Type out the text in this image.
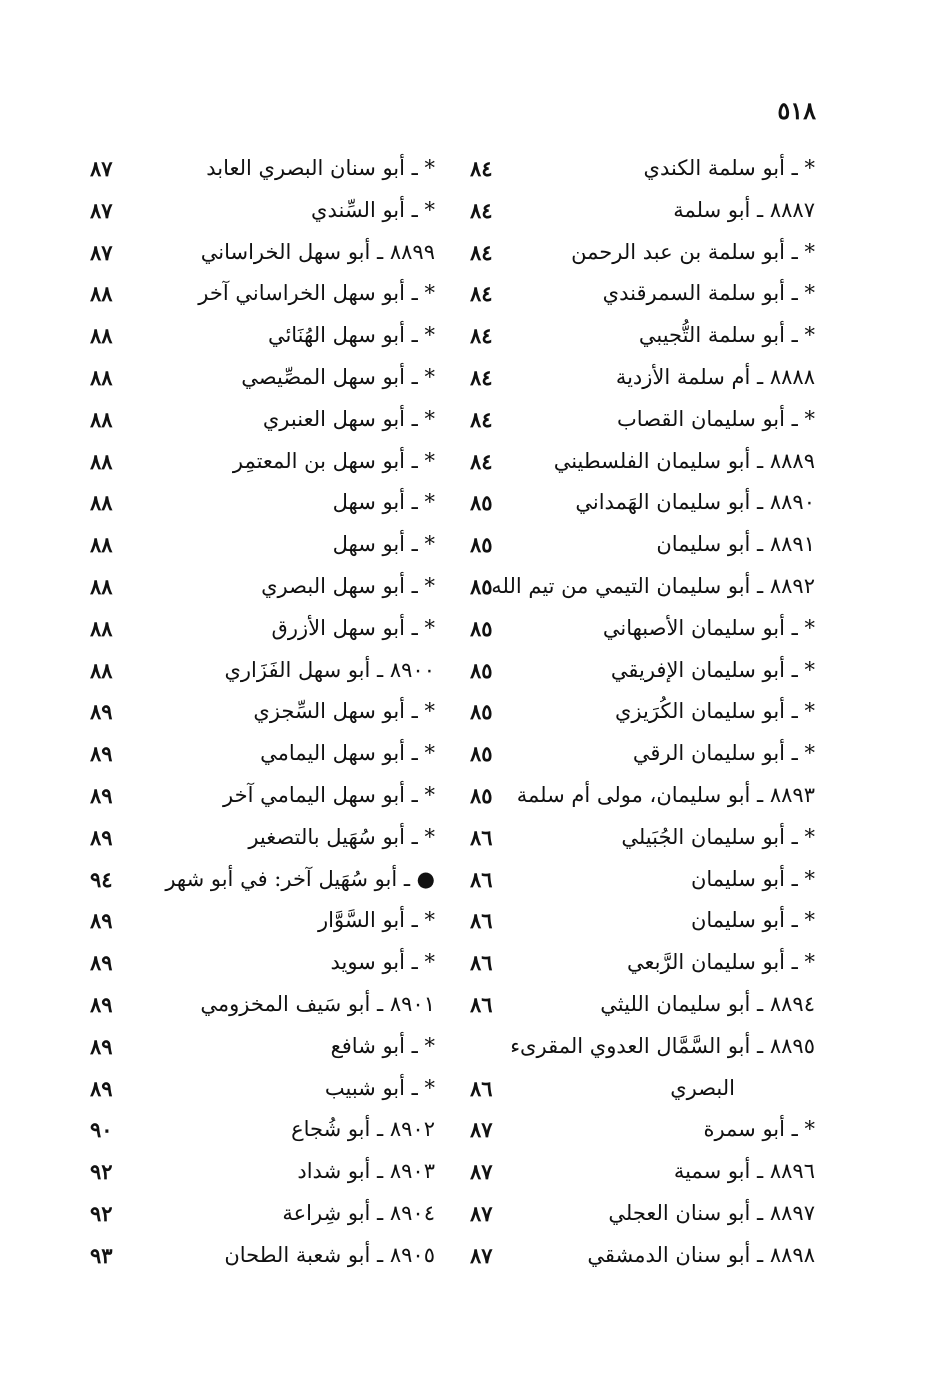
٥١٨
* ـ أبو سلمة الكندي
٨٤
٨٨٨٧ ـ أبو سلمة
٨٤
* ـ أبو سلمة بن عبد الرحمن
٨٤
* ـ أبو سلمة السمرقندي
٨٤
* ـ أبو سلمة التُّجيبي
٨٤
٨٨٨٨ ـ أم سلمة الأزدية
٨٤
* ـ أبو سليمان القصاب
٨٤
٨٨٨٩ ـ أبو سليمان الفلسطيني
٨٤
٨٨٩٠ ـ أبو سليمان الهَمداني
٨٥
٨٨٩١ ـ أبو سليمان
٨٥
٨٨٩٢ ـ أبو سليمان التيمي من تيم الله
٨٥
* ـ أبو سليمان الأصبهاني
٨٥
* ـ أبو سليمان الإفريقي
٨٥
* ـ أبو سليمان الكُرَيزي
٨٥
* ـ أبو سليمان الرقي
٨٥
٨٨٩٣ ـ أبو سليمان، مولى أم سلمة
٨٥
* ـ أبو سليمان الجُبَيلي
٨٦
* ـ أبو سليمان
٨٦
* ـ أبو سليمان
٨٦
* ـ أبو سليمان الرَّبعي
٨٦
٨٨٩٤ ـ أبو سليمان الليثي
٨٦
٨٨٩٥ ـ أبو السَّمَّال العدوي المقرىء
البصري
٨٦
* ـ أبو سمرة
٨٧
٨٨٩٦ ـ أبو سمية
٨٧
٨٨٩٧ ـ أبو سنان العجلي
٨٧
٨٨٩٨ ـ أبو سنان الدمشقي
٨٧
* ـ أبو سنان البصري العابد
٨٧
* ـ أبو السِّندي
٨٧
٨٨٩٩ ـ أبو سهل الخراساني
٨٧
* ـ أبو سهل الخراساني آخر
٨٨
* ـ أبو سهل الهُنَائي
٨٨
* ـ أبو سهل المصِّيصي
٨٨
* ـ أبو سهل العنبري
٨٨
* ـ أبو سهل بن المعتمِر
٨٨
* ـ أبو سهل
٨٨
* ـ أبو سهل
٨٨
* ـ أبو سهل البصري
٨٨
* ـ أبو سهل الأزرق
٨٨
٨٩٠٠ ـ أبو سهل الفَزَاري
٨٨
* ـ أبو سهل السِّجزي
٨٩
* ـ أبو سهل اليمامي
٨٩
* ـ أبو سهل اليمامي آخر
٨٩
* ـ أبو سُهَيل بالتصغير
٨٩
● ـ أبو سُهَيل آخر: في أبو شهر
٩٤
* ـ أبو السَّوَّار
٨٩
* ـ أبو سويد
٨٩
٨٩٠١ ـ أبو سَيف المخزومي
٨٩
* ـ أبو شافع
٨٩
* ـ أبو شبيب
٨٩
٨٩٠٢ ـ أبو شُجاع
٩٠
٨٩٠٣ ـ أبو شداد
٩٢
٨٩٠٤ ـ أبو شِراعة
٩٢
٨٩٠٥ ـ أبو شعبة الطحان
٩٣
